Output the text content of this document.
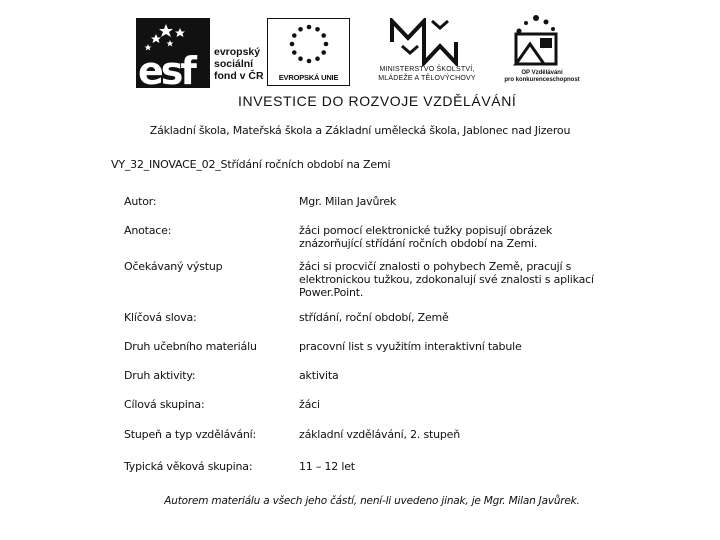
esf	evropský
sociální
fond v ČR	EVROPSKÁ UNIE
MINISTERSTVO ŠKOLSTVÍ,
MLÁDEŽE A TĚLOVÝCHOVY
OP Vzdělávání
pro konkurenceschopnost
INVESTICE DO ROZVOJE VZDĚLÁVÁNÍ
Základní škola, Mateřská škola a Základní umělecká škola, Jablonec nad Jizerou
VY_32_INOVACE_02_Střídání ročních období na Zemi
Autor:	Mgr. Milan Javůrek
Anotace:	žáci pomocí elektronické tužky popisují obrázek znázorňující střídání ročních období na Zemi.
Očekávaný výstup	žáci si procvičí znalosti o pohybech Země, pracují s elektronickou tužkou, zdokonalují své znalosti s aplikací Power.Point.
Klíčová slova:	střídání, roční období, Země
Druh učebního materiálu	pracovní list s využitím interaktivní tabule
Druh aktivity:	aktivita
Cílová skupina:	žáci
Stupeň a typ vzdělávání:	základní vzdělávání, 2. stupeň
Typická věková skupina:	11 – 12 let
Autorem materiálu a všech jeho částí, není-li uvedeno jinak, je Mgr. Milan Javůrek.
